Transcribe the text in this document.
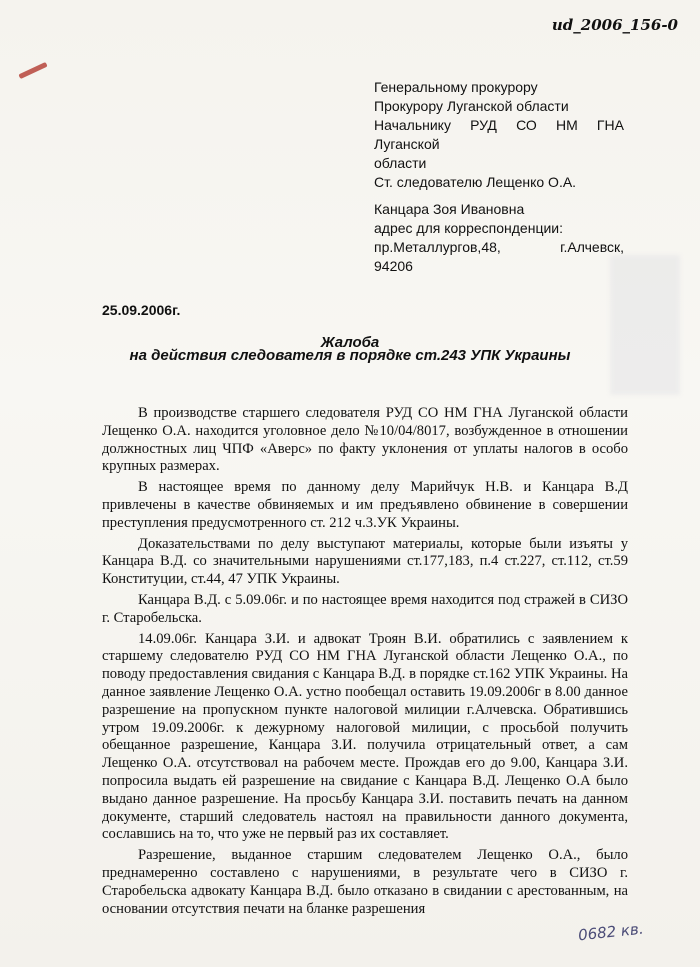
ud_2006_156-0
Генеральному прокурору
Прокурору Луганской области
Начальнику РУД СО НМ ГНА
Луганской
области
Ст. следователю Лещенко О.А.
Канцара Зоя Ивановна
адрес для корреспонденции:
пр.Металлургов,48,	г.Алчевск,
94206
25.09.2006г.
Жалоба
на действия следователя в порядке ст.243 УПК Украины

В производстве старшего следователя РУД СО НМ ГНА Луганской области Лещенко О.А. находится уголовное дело №10/04/8017, возбужденное в отношении должностных лиц ЧПФ «Аверс» по факту уклонения от уплаты налогов в особо крупных размерах.

В настоящее время по данному делу Марийчук Н.В. и Канцара В.Д привлечены в качестве обвиняемых и им предъявлено обвинение в совершении преступления предусмотренного ст. 212 ч.3.УК Украины.

Доказательствами по делу выступают материалы, которые были изъяты у Канцара В.Д. со значительными нарушениями ст.177,183, п.4 ст.227, ст.112, ст.59 Конституции, ст.44, 47 УПК Украины.

Канцара В.Д. с 5.09.06г. и по настоящее время находится под стражей в СИЗО г. Старобельска.

14.09.06г. Канцара З.И. и адвокат Троян В.И. обратились с заявлением к старшему следователю РУД СО НМ ГНА Луганской области Лещенко О.А., по поводу предоставления свидания с Канцара В.Д. в порядке ст.162 УПК Украины. На данное заявление Лещенко О.А. устно пообещал оставить 19.09.2006г в 8.00 данное разрешение на пропускном пункте налоговой милиции г.Алчевска. Обратившись утром 19.09.2006г. к дежурному налоговой милиции, с просьбой получить обещанное разрешение, Канцара З.И. получила отрицательный ответ, а сам Лещенко О.А. отсутствовал на рабочем месте. Прождав его до 9.00, Канцара З.И. попросила выдать ей разрешение на свидание с Канцара В.Д. Лещенко О.А было выдано данное разрешение. На просьбу Канцара З.И. поставить печать на данном документе, старший следователь настоял на правильности данного документа, сославшись на то, что уже не первый раз их составляет.

Разрешение, выданное старшим следователем Лещенко О.А., было преднамеренно составлено с нарушениями, в результате чего в СИЗО г. Старобельска адвокату Канцара В.Д. было отказано в свидании с арестованным, на основании отсутствия печати на бланке разрешения

0682 кв.
